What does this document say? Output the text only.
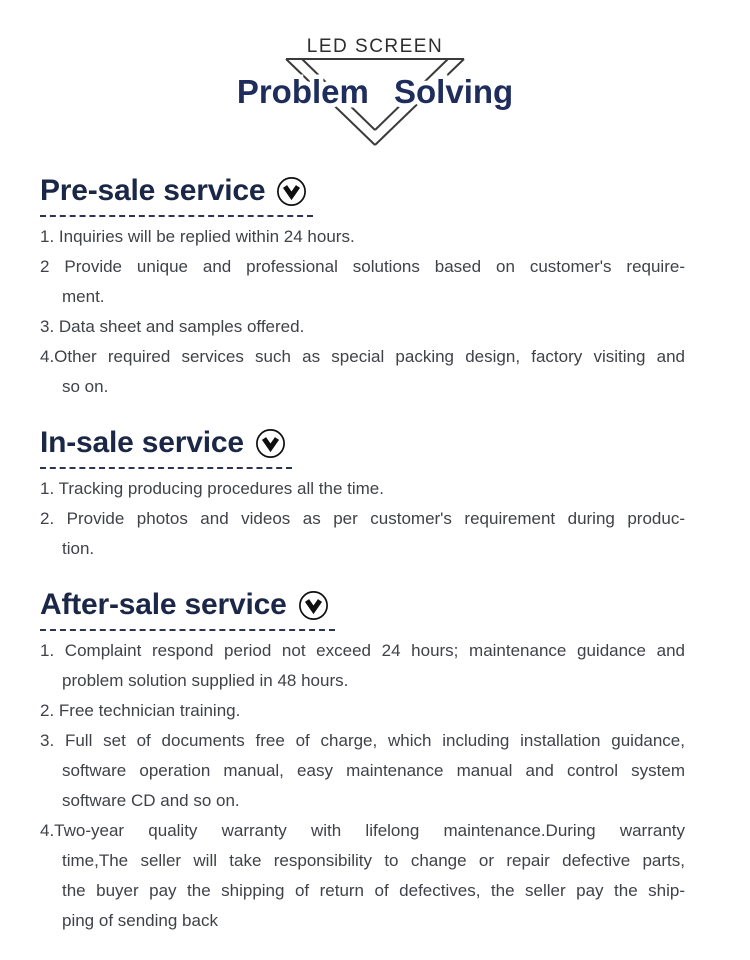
LED SCREEN
Problem Solving
Pre-sale service
1. Inquiries will be replied within 24 hours.
2 Provide unique and professional solutions based on customer's require-
ment.
3. Data sheet and samples offered.
4.Other required services such as special packing design, factory visiting and
so on.
In-sale service
1. Tracking producing procedures all the time.
2. Provide photos and videos as per customer's requirement during produc-
tion.
After-sale service
1. Complaint respond period not exceed 24 hours; maintenance guidance and
problem solution supplied in 48 hours.
2. Free technician training.
3. Full set of documents free of charge, which including installation guidance,
software operation manual, easy maintenance manual and control system
software CD and so on.
4.Two-year quality warranty with lifelong maintenance.During warranty
time,The seller will take responsibility to change or repair defective parts,
the buyer pay the shipping of return of defectives, the seller pay the ship-
ping of sending back
